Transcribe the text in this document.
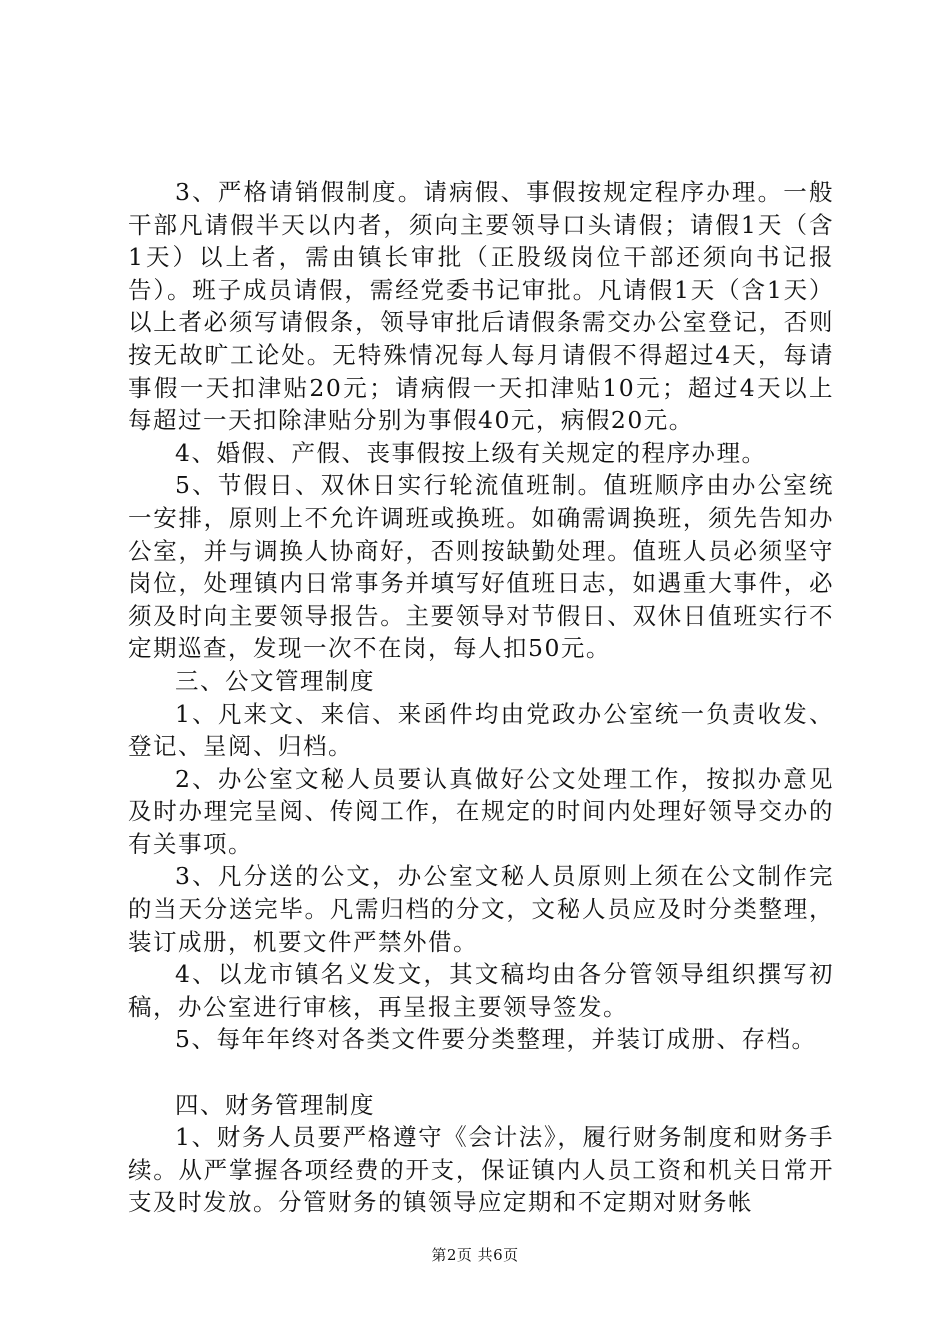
3、严格请销假制度。请病假、事假按规定程序办理。一般干部凡请假半天以内者，须向主要领导口头请假；请假1天（含1天）以上者，需由镇长审批（正股级岗位干部还须向书记报告）。班子成员请假，需经党委书记审批。凡请假1天（含1天）以上者必须写请假条，领导审批后请假条需交办公室登记，否则按无故旷工论处。无特殊情况每人每月请假不得超过4天，每请事假一天扣津贴20元；请病假一天扣津贴10元；超过4天以上每超过一天扣除津贴分别为事假40元，病假20元。

4、婚假、产假、丧事假按上级有关规定的程序办理。

5、节假日、双休日实行轮流值班制。值班顺序由办公室统一安排，原则上不允许调班或换班。如确需调换班，须先告知办公室，并与调换人协商好，否则按缺勤处理。值班人员必须坚守岗位，处理镇内日常事务并填写好值班日志，如遇重大事件，必须及时向主要领导报告。主要领导对节假日、双休日值班实行不定期巡查，发现一次不在岗，每人扣50元。

三、公文管理制度

1、凡来文、来信、来函件均由党政办公室统一负责收发、登记、呈阅、归档。

2、办公室文秘人员要认真做好公文处理工作，按拟办意见及时办理完呈阅、传阅工作，在规定的时间内处理好领导交办的有关事项。

3、凡分送的公文，办公室文秘人员原则上须在公文制作完的当天分送完毕。凡需归档的分文，文秘人员应及时分类整理，装订成册，机要文件严禁外借。

4、以龙市镇名义发文，其文稿均由各分管领导组织撰写初稿，办公室进行审核，再呈报主要领导签发。

5、每年年终对各类文件要分类整理，并装订成册、存档。

四、财务管理制度

1、财务人员要严格遵守《会计法》，履行财务制度和财务手续。从严掌握各项经费的开支，保证镇内人员工资和机关日常开支及时发放。分管财务的镇领导应定期和不定期对财务帐

第2页 共6页
